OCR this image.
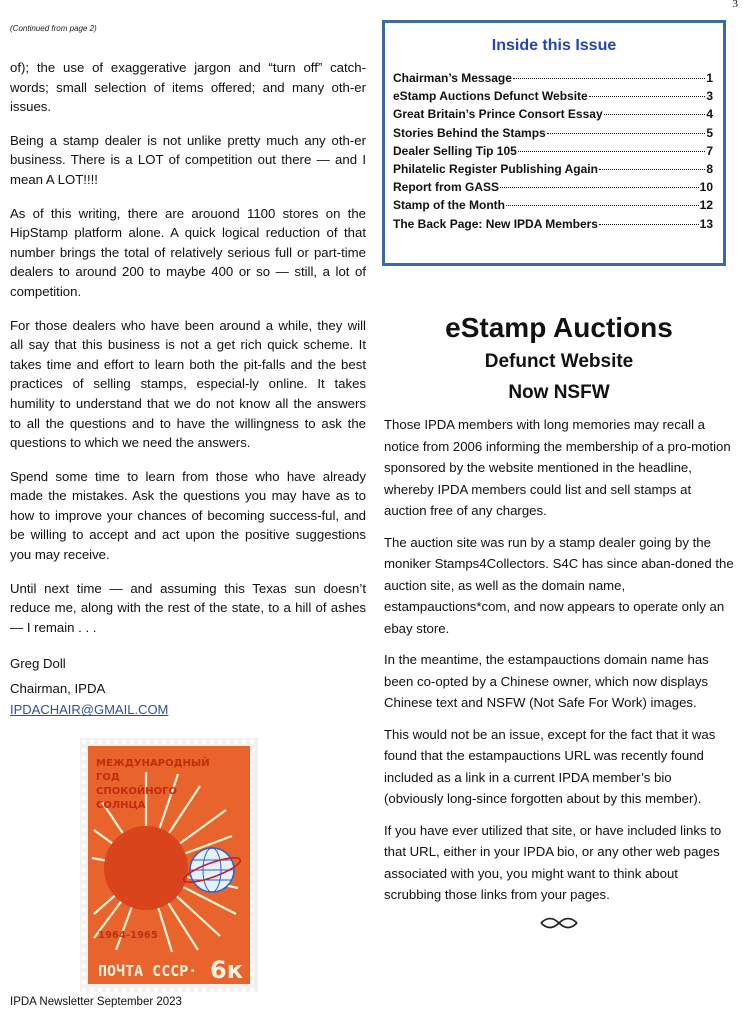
3

(Continued from page 2)

of); the use of exaggerative jargon and “turn off” catch-words; small selection of items offered; and many oth-er issues.

Being a stamp dealer is not unlike pretty much any oth-er business. There is a LOT of competition out there — and I mean A LOT!!!!

As of this writing, there are arouond 1100 stores on the HipStamp platform alone. A quick logical reduction of that number brings the total of relatively serious full or part-time dealers to around 200 to maybe 400 or so — still, a lot of competition.

For those dealers who have been around a while, they will all say that this business is not a get rich quick scheme. It takes time and effort to learn both the pit-falls and the best practices of selling stamps, especial-ly online. It takes humility to understand that we do not know all the answers to all the questions and to have the willingness to ask the questions to which we need the answers.

Spend some time to learn from those who have already made the mistakes. Ask the questions you may have as to how to improve your chances of becoming success-ful, and be willing to accept and act upon the positive suggestions you may receive.

Until next time — and assuming this Texas sun doesn’t reduce me, along with the rest of the state, to a hill of ashes — I remain . . .

Greg Doll

Chairman, IPDA

IPDACHAIR@GMAIL.COM

Inside this Issue
Chairman’s Message	1
eStamp Auctions Defunct Website	3
Great Britain’s Prince Consort Essay	4
Stories Behind the Stamps	5
Dealer Selling Tip 105	7
Philatelic Register Publishing Again	8
Report from GASS	10
Stamp of the Month	12
The Back Page: New IPDA Members	13
eStamp Auctions
Defunct Website
Now NSFW

Those IPDA members with long memories may recall a notice from 2006 informing the membership of a pro-motion sponsored by the website mentioned in the headline, whereby IPDA members could list and sell stamps at auction free of any charges.

The auction site was run by a stamp dealer going by the moniker Stamps4Collectors. S4C has since aban-doned the auction site, as well as the domain name, estampauctions*com, and now appears to operate only an ebay store.

In the meantime, the estampauctions domain name has been co-opted by a Chinese owner, which now displays Chinese text and NSFW (Not Safe For Work) images.

This would not be an issue, except for the fact that it was found that the estampauctions URL was recently found included as a link in a current IPDA member’s bio (obviously long-since forgotten about by this member).

If you have ever utilized that site, or have included links to that URL, either in your IPDA bio, or any other web pages associated with you, you might want to think about scrubbing those links from your pages.

МЕЖДУНАРОДНЫЙ
ГОД
СПОКОЙНОГО
СОЛНЦА
1964-1965
ПОЧТА СССР· 6к
IPDA Newsletter September 2023
